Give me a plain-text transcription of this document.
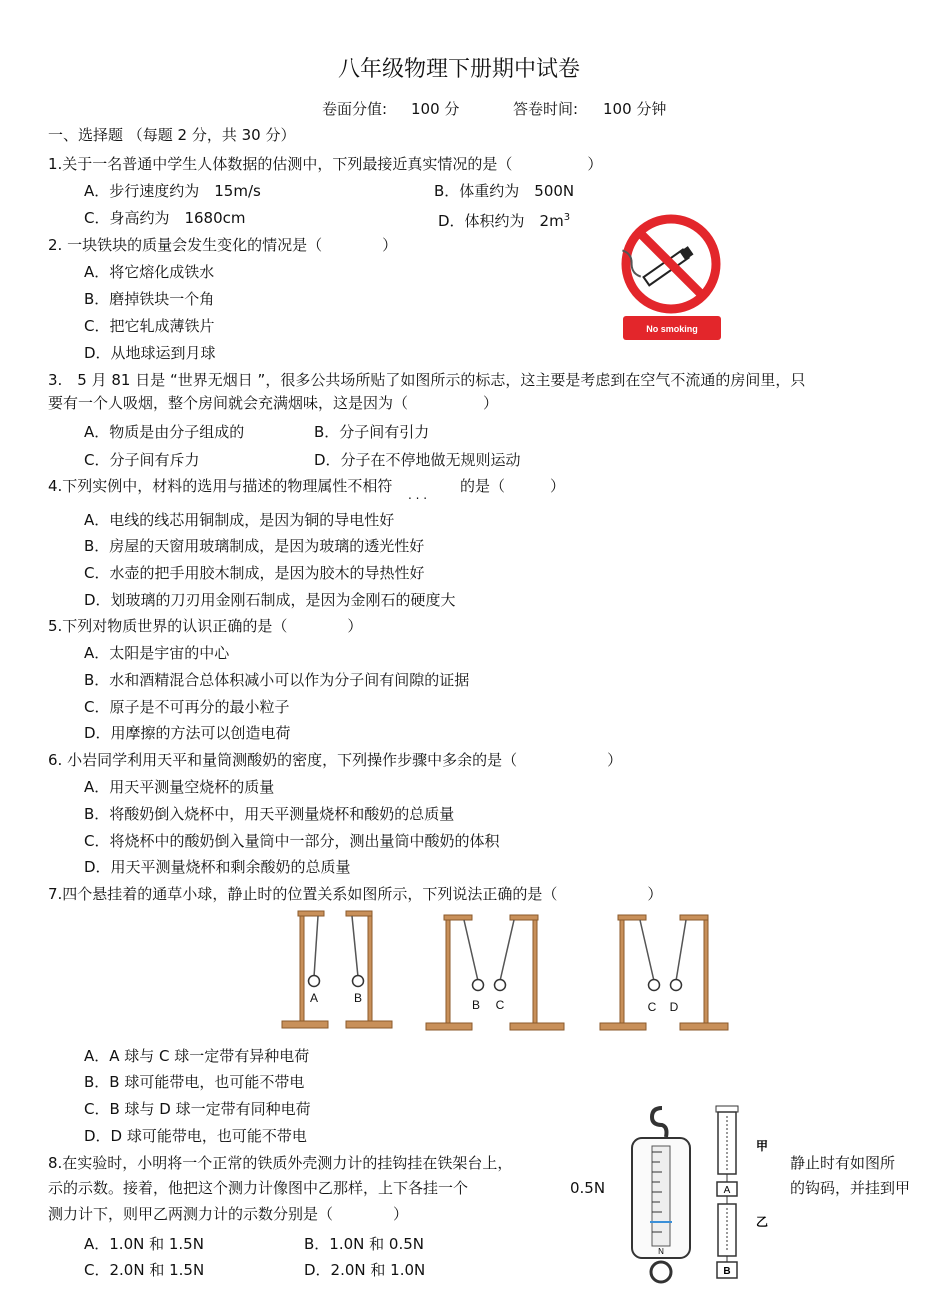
八年级物理下册期中试卷
卷面分值: 100 分	答卷时间: 100 分钟
一、选择题 （每题 2 分，共 30 分）
1.关于一名普通中学生人体数据的估测中，下列最接近真实情况的是（　　　　　）
A．步行速度约为　15m/s	B．体重约为　500N
C．身高约为　1680cm	D．体积约为　$2m^3$
2. 一块铁块的质量会发生变化的情况是（　　　　）
A．将它熔化成铁水
B．磨掉铁块一个角
C．把它轧成薄铁片
D．从地球运到月球
No smoking
3.　5 月 81 日是 “世界无烟日 ”，很多公共场所贴了如图所示的标志，这主要是考虑到在空气不流通的房间里，只
要有一个人吸烟，整个房间就会充满烟味，这是因为（　　　　　）
A．物质是由分子组成的	B．分子间有引力
C．分子间有斥力	D．分子在不停地做无规则运动
4.下列实例中，材料的选用与描述的物理属性不相符 . . . 的是（　　　）
A．电线的线芯用铜制成，是因为铜的导电性好
B．房屋的天窗用玻璃制成，是因为玻璃的透光性好
C．水壶的把手用胶木制成，是因为胶木的导热性好
D．划玻璃的刀刃用金刚石制成，是因为金刚石的硬度大
5.下列对物质世界的认识正确的是（　　　　）
A．太阳是宇宙的中心
B．水和酒精混合总体积减小可以作为分子间有间隙的证据
C．原子是不可再分的最小粒子
D．用摩擦的方法可以创造电荷
6. 小岩同学利用天平和量筒测酸奶的密度，下列操作步骤中多余的是（　　　　　　）
A．用天平测量空烧杯的质量
B．将酸奶倒入烧杯中，用天平测量烧杯和酸奶的总质量
C．将烧杯中的酸奶倒入量筒中一部分，测出量筒中酸奶的体积
D．用天平测量烧杯和剩余酸奶的总质量
7.四个悬挂着的通草小球，静止时的位置关系如图所示，下列说法正确的是（　　　　　　）
A	B	B C	C D
A．A 球与 C 球一定带有异种电荷
B．B 球可能带电，也可能不带电
C．B 球与 D 球一定带有同种电荷
D．D 球可能带电，也可能不带电
8.在实验时，小明将一个正常的铁质外壳测力计的挂钩挂在铁架台上，	静止时有如图所
示的示数。接着，他把这个测力计像图中乙那样，上下各挂一个	0.5N	的钩码，并挂到甲
测力计下，则甲乙两测力计的示数分别是（　　　　）
A．1.0N 和 1.5N	B．1.0N 和 0.5N
C．2.0N 和 1.5N	D．2.0N 和 1.0N
N
A
B
甲
乙
